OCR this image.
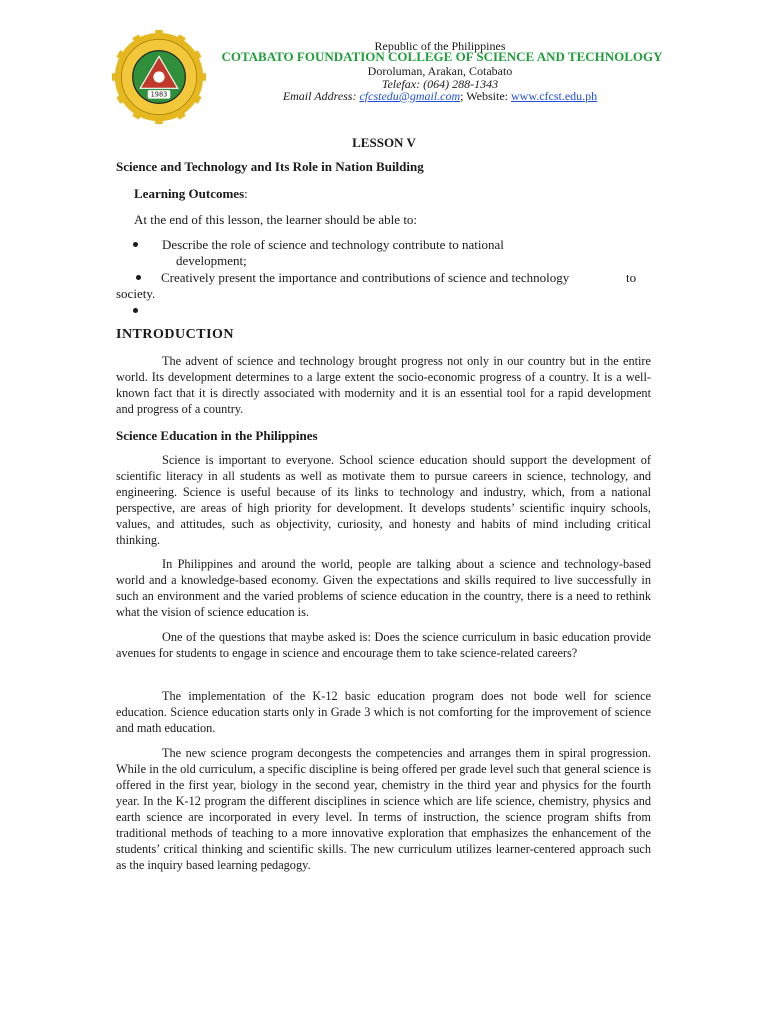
1983
Republic of the Philippines
COTABATO FOUNDATION COLLEGE OF SCIENCE AND TECHNOLOGY
Doroluman, Arakan, Cotabato
Telefax: (064) 288-1343
Email Address: cfcstedu@gmail.com; Website: www.cfcst.edu.ph
LESSON V
Science and Technology and Its Role in Nation Building
Learning Outcomes:
At the end of this lesson, the learner should be able to:
Describe the role of science and technology contribute to national
development;
Creatively present the importance and contributions of science and technology	to
society.
INTRODUCTION

The advent of science and technology brought progress not only in our country but in the entire world. Its development determines to a large extent the socio-economic progress of a country. It is a well-known fact that it is directly associated with modernity and it is an essential tool for a rapid development and progress of a country.

Science Education in the Philippines

Science is important to everyone. School science education should support the development of scientific literacy in all students as well as motivate them to pursue careers in science, technology, and engineering. Science is useful because of its links to technology and industry, which, from a national perspective, are areas of high priority for development. It develops students’ scientific inquiry schools, values, and attitudes, such as objectivity, curiosity, and honesty and habits of mind including critical thinking.

In Philippines and around the world, people are talking about a science and technology-based world and a knowledge-based economy. Given the expectations and skills required to live successfully in such an environment and the varied problems of science education in the country, there is a need to rethink what the vision of science education is.

One of the questions that maybe asked is: Does the science curriculum in basic education provide avenues for students to engage in science and encourage them to take science-related careers?

The implementation of the K-12 basic education program does not bode well for science education. Science education starts only in Grade 3 which is not comforting for the improvement of science and math education.

The new science program decongests the competencies and arranges them in spiral progression. While in the old curriculum, a specific discipline is being offered per grade level such that general science is offered in the first year, biology in the second year, chemistry in the third year and physics for the fourth year. In the K-12 program the different disciplines in science which are life science, chemistry, physics and earth science are incorporated in every level. In terms of instruction, the science program shifts from traditional methods of teaching to a more innovative exploration that emphasizes the enhancement of the students’ critical thinking and scientific skills. The new curriculum utilizes learner-centered approach such as the inquiry based learning pedagogy.
